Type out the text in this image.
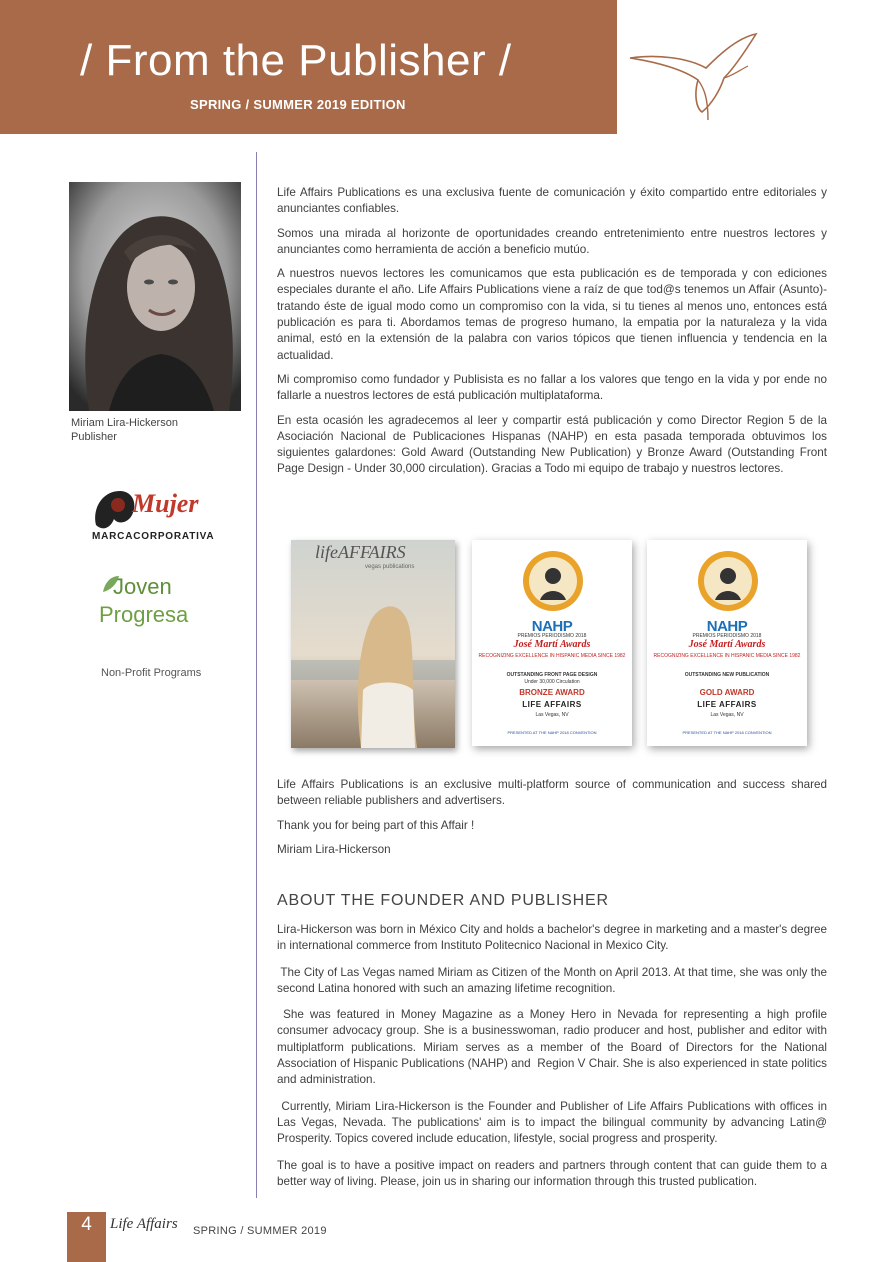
/ From the Publisher /
SPRING / SUMMER 2019 EDITION
Miriam Lira-Hickerson
Publisher
Mujer
MARCACORPORATIVA
Joven
Progresa
Non-Profit Programs

Life Affairs Publications es una exclusiva fuente de comunicación y éxito compartido entre editoriales y anunciantes confiables.

Somos una mirada al horizonte de oportunidades creando entretenimiento entre nuestros lectores y anunciantes como herramienta de acción a beneficio mutúo.

A nuestros nuevos lectores les comunicamos que esta publicación es de temporada y con ediciones especiales durante el año. Life Affairs Publications viene a raíz de que tod@s tenemos un Affair (Asunto)- tratando éste de igual modo como un compromiso con la vida, si tu tienes al menos uno, entonces está publicación es para ti. Abordamos temas de progreso humano, la empatia por la naturaleza y la vida animal, estó en la extensión de la palabra con varios tópicos que tienen influencia y tendencia en la actualidad.

Mi compromiso como fundador y Publisista es no fallar a los valores que tengo en la vida y por ende no fallarle a nuestros lectores de está publicación multiplataforma.

En esta ocasión les agradecemos al leer y compartir está publicación y como Director Region 5 de la Asociación Nacional de Publicaciones Hispanas (NAHP) en esta pasada temporada obtuvimos los siguientes galardones: Gold Award (Outstanding New Publication) y Bronze Award (Outstanding Front Page Design - Under 30,000 circulation). Gracias a Todo mi equipo de trabajo y nuestros lectores.

lifeAFFAIRS
vegas publications
NAHP
PREMIOS PERIODISMO 2018
José Martí Awards
RECOGNIZING EXCELLENCE IN HISPANIC MEDIA SINCE 1982
OUTSTANDING FRONT PAGE DESIGN
Under 30,000 Circulation
BRONZE AWARD
LIFE AFFAIRS
Las Vegas, NV
PRESENTED AT THE NAHP 2018 CONVENTION
NAHP
PREMIOS PERIODISMO 2018
José Martí Awards
RECOGNIZING EXCELLENCE IN HISPANIC MEDIA SINCE 1982
OUTSTANDING NEW PUBLICATION
GOLD AWARD
LIFE AFFAIRS
Las Vegas, NV
PRESENTED AT THE NAHP 2018 CONVENTION

Life Affairs Publications is an exclusive multi-platform source of communication and success shared between reliable publishers and advertisers.

Thank you for being part of this Affair !

Miriam Lira-Hickerson

ABOUT THE FOUNDER AND PUBLISHER

Lira-Hickerson was born in México City and holds a bachelor's degree in marketing and a master's degree in international commerce from Instituto Politecnico Nacional in Mexico City.

The City of Las Vegas named Miriam as Citizen of the Month on April 2013. At that time, she was only the second Latina honored with such an amazing lifetime recognition.

She was featured in Money Magazine as a Money Hero in Nevada for representing a high profile consumer advocacy group. She is a businesswoman, radio producer and host, publisher and editor with multiplatform publications. Miriam serves as a member of the Board of Directors for the National Association of Hispanic Publications (NAHP) and  Region V Chair. She is also experienced in state politics and administration.

Currently, Miriam Lira-Hickerson is the Founder and Publisher of Life Affairs Publications with offices in Las Vegas, Nevada. The publications' aim is to impact the bilingual community by advancing Latin@ Prosperity. Topics covered include education, lifestyle, social progress and prosperity.

The goal is to have a positive impact on readers and partners through content that can guide them to a better way of living. Please, join us in sharing our information through this trusted publication.

4	Life Affairs SPRING / SUMMER 2019
